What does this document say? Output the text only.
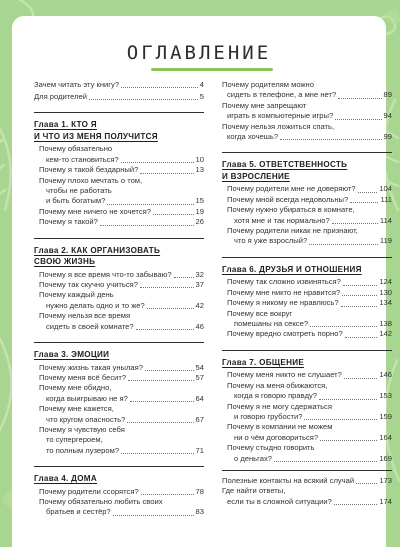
ОГЛАВЛЕНИЕ
Зачем читать эту книгу?	4
Для родителей	5
Глава 1. КТО Я
И ЧТО ИЗ МЕНЯ ПОЛУЧИТСЯ
Почему обязательно
кем-то становиться?	10
Почему я такой бездарный?	13
Почему плохо мечтать о том,
чтобы не работать
и быть богатым?	15
Почему мне ничего не хочется?	19
Почему я такой?	26
Глава 2. КАК ОРГАНИЗОВАТЬ
СВОЮ ЖИЗНЬ
Почему я все время что-то забываю?	32
Почему так скучно учиться?	37
Почему каждый день
нужно делать одно и то же?	42
Почему нельзя все время
сидеть в своей комнате?	46
Глава 3. ЭМОЦИИ
Почему жизнь такая унылая?	54
Почему меня всё бесит?	57
Почему мне обидно,
когда выигрываю не я?	64
Почему мне кажется,
что кругом опасность?	67
Почему я чувствую себя
то супергероем,
то полным лузером?	71
Глава 4. ДОМА
Почему родители ссорятся?	78
Почему обязательно любить своих
братьев и сестёр?	83
Почему родителям можно
сидеть в телефоне, а мне нет?	89
Почему мне запрещают
играть в компьютерные игры?	94
Почему нельзя ложиться спать,
когда хочешь?	99
Глава 5. ОТВЕТСТВЕННОСТЬ
И ВЗРОСЛЕНИЕ
Почему родители мне не доверяют?	104
Почему мной всегда недовольны?	111
Почему нужно убираться в комнате,
хотя мне и так нормально?	114
Почему родители никак не признают,
что я уже взрослый?	119
Глава 6. ДРУЗЬЯ И ОТНОШЕНИЯ
Почему так сложно извиняться?	124
Почему мне никто не нравится?	130
Почему я никому не нравлюсь?	134
Почему все вокруг
помешаны на сексе?	138
Почему вредно смотреть порно?	142
Глава 7. ОБЩЕНИЕ
Почему меня никто не слушает?	146
Почему на меня обижаются,
когда я говорю правду?	153
Почему я не могу сдержаться
и говорю грубости?	159
Почему в компании не можем
ни о чём договориться?	164
Почему стыдно говорить
о деньгах?	169
Полезные контакты на всякий случай	173
Где найти ответы,
если ты в сложной ситуации?	174
